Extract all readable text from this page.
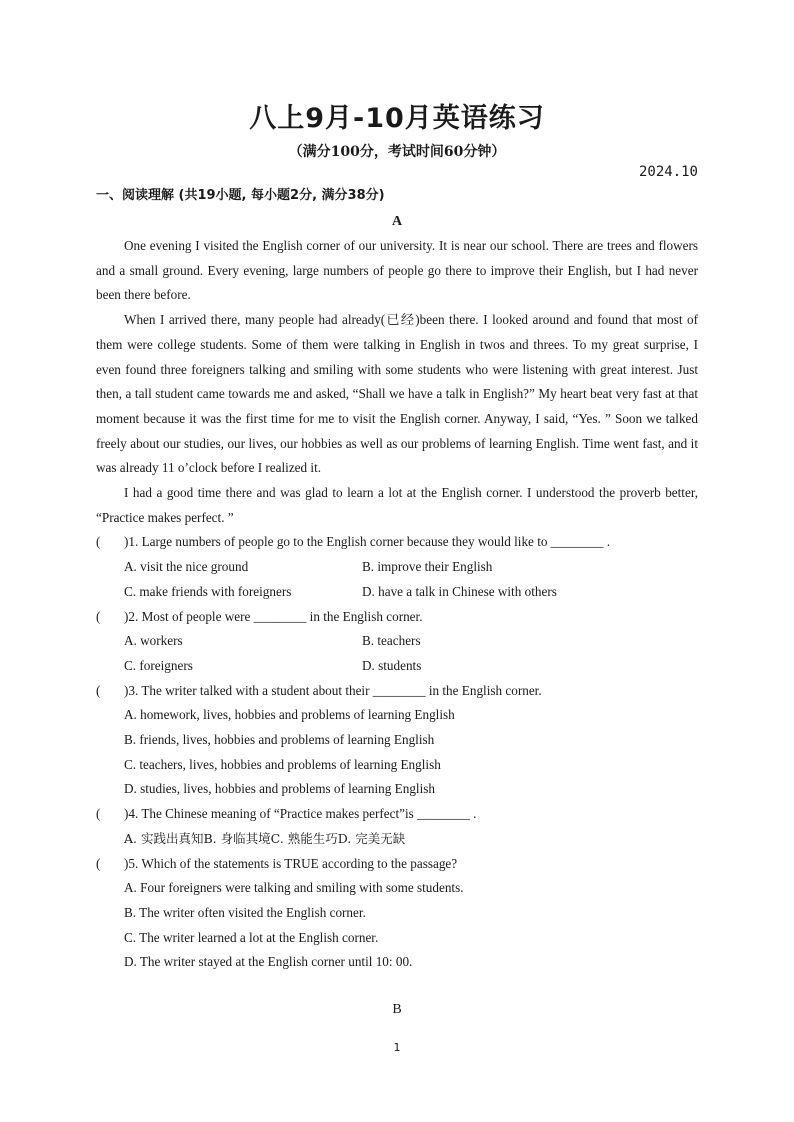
八上9月-10月英语练习
（满分100分，考试时间60分钟）
2024.10
一、阅读理解 (共19小题, 每小题2分, 满分38分)
A

One evening I visited the English corner of our university. It is near our school. There are trees and flowers and a small ground. Every evening, large numbers of people go there to improve their English, but I had never been there before.

When I arrived there, many people had already(已经)been there. I looked around and found that most of them were college students. Some of them were talking in English in twos and threes. To my great surprise, I even found three foreigners talking and smiling with some students who were listening with great interest. Just then, a tall student came towards me and asked, “Shall we have a talk in English?” My heart beat very fast at that moment because it was the first time for me to visit the English corner. Anyway, I said, “Yes. ” Soon we talked freely about our studies, our lives, our hobbies as well as our problems of learning English. Time went fast, and it was already 11 o’clock before I realized it.

I had a good time there and was glad to learn a lot at the English corner. I understood the proverb better, “Practice makes perfect. ”

(	)1. Large numbers of people go to the English corner because they would like to ________ .

A. visit the nice ground	B. improve their English
C. make friends with foreigners	D. have a talk in Chinese with others

(	)2. Most of people were ________ in the English corner.

A. workers	B. teachers
C. foreigners	D. students

(	)3. The writer talked with a student about their ________ in the English corner.

A. homework, lives, hobbies and problems of learning English

B. friends, lives, hobbies and problems of learning English

C. teachers, lives, hobbies and problems of learning English

D. studies, lives, hobbies and problems of learning English

(	)4. The Chinese meaning of “Practice makes perfect”is ________ .

A. 实践出真知B. 身临其境C. 熟能生巧D. 完美无缺

(	)5. Which of the statements is TRUE according to the passage?

A. Four foreigners were talking and smiling with some students.

B. The writer often visited the English corner.

C. The writer learned a lot at the English corner.

D. The writer stayed at the English corner until 10: 00.

B
1
